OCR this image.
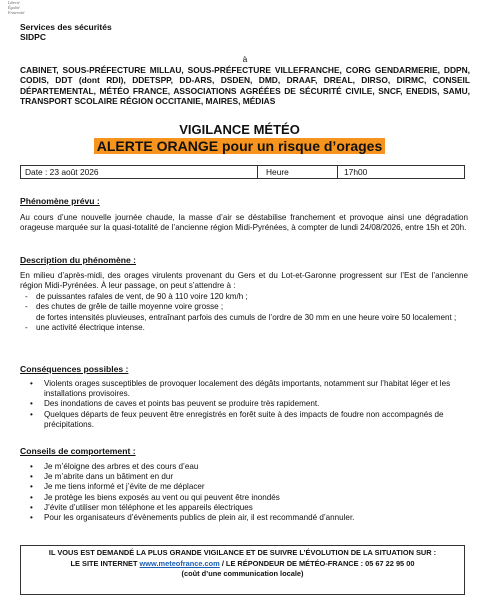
Liberté
Égalité
Fraternité
Services des sécurités
SIDPC
à
CABINET, SOUS-PRÉFECTURE MILLAU, SOUS-PRÉFECTURE VILLEFRANCHE, CORG GENDARMERIE, DDPN, CODIS, DDT (dont RDI), DDETSPP, DD-ARS, DSDEN, DMD, DRAAF, DREAL, DIRSO, DIRMC, CONSEIL DÉPARTEMENTAL, MÉTÉO FRANCE, ASSOCIATIONS AGRÉÉES DE SÉCURITÉ CIVILE, SNCF, ENEDIS, SAMU, TRANSPORT SCOLAIRE RÉGION OCCITANIE, MAIRES, MÉDIAS
VIGILANCE MÉTÉO
ALERTE ORANGE pour un risque d’orages
Date : 23 août 2026	Heure	17h00
Phénomène prévu :
Au cours d’une nouvelle journée chaude, la masse d’air se déstabilise franchement et provoque ainsi une dégradation orageuse marquée sur la quasi-totalité de l’ancienne région Midi-Pyrénées, à compter de lundi 24/08/2026, entre 15h et 20h.
Description du phénomène :
En milieu d’après-midi, des orages virulents provenant du Gers et du Lot-et-Garonne progressent sur l’Est de l’ancienne région Midi-Pyrénées. À leur passage, on peut s’attendre à :
- de puissantes rafales de vent, de 90 à 110 voire 120 km/h ;
- des chutes de grêle de taille moyenne voire grosse ;
de fortes intensités pluvieuses, entraînant parfois des cumuls de l’ordre de 30 mm en une heure voire 50 localement ;
- une activité électrique intense.
Conséquences possibles :
• Violents orages susceptibles de provoquer localement des dégâts importants, notamment sur l’habitat léger et les installations provisoires.
• Des inondations de caves et points bas peuvent se produire très rapidement.
• Quelques départs de feux peuvent être enregistrés en forêt suite à des impacts de foudre non accompagnés de précipitations.
Conseils de comportement :
• Je m’éloigne des arbres et des cours d’eau
• Je m’abrite dans un bâtiment en dur
• Je me tiens informé et j’évite de me déplacer
• Je protège les biens exposés au vent ou qui peuvent être inondés
• J’évite d’utiliser mon téléphone et les appareils électriques
• Pour les organisateurs d’évènements publics de plein air, il est recommandé d’annuler.
IL VOUS EST DEMANDÉ LA PLUS GRANDE VIGILANCE ET DE SUIVRE L’ÉVOLUTION DE LA SITUATION SUR :
LE SITE INTERNET www.meteofrance.com / LE RÉPONDEUR DE MÉTÉO-FRANCE : 05 67 22 95 00
(coût d’une communication locale)
